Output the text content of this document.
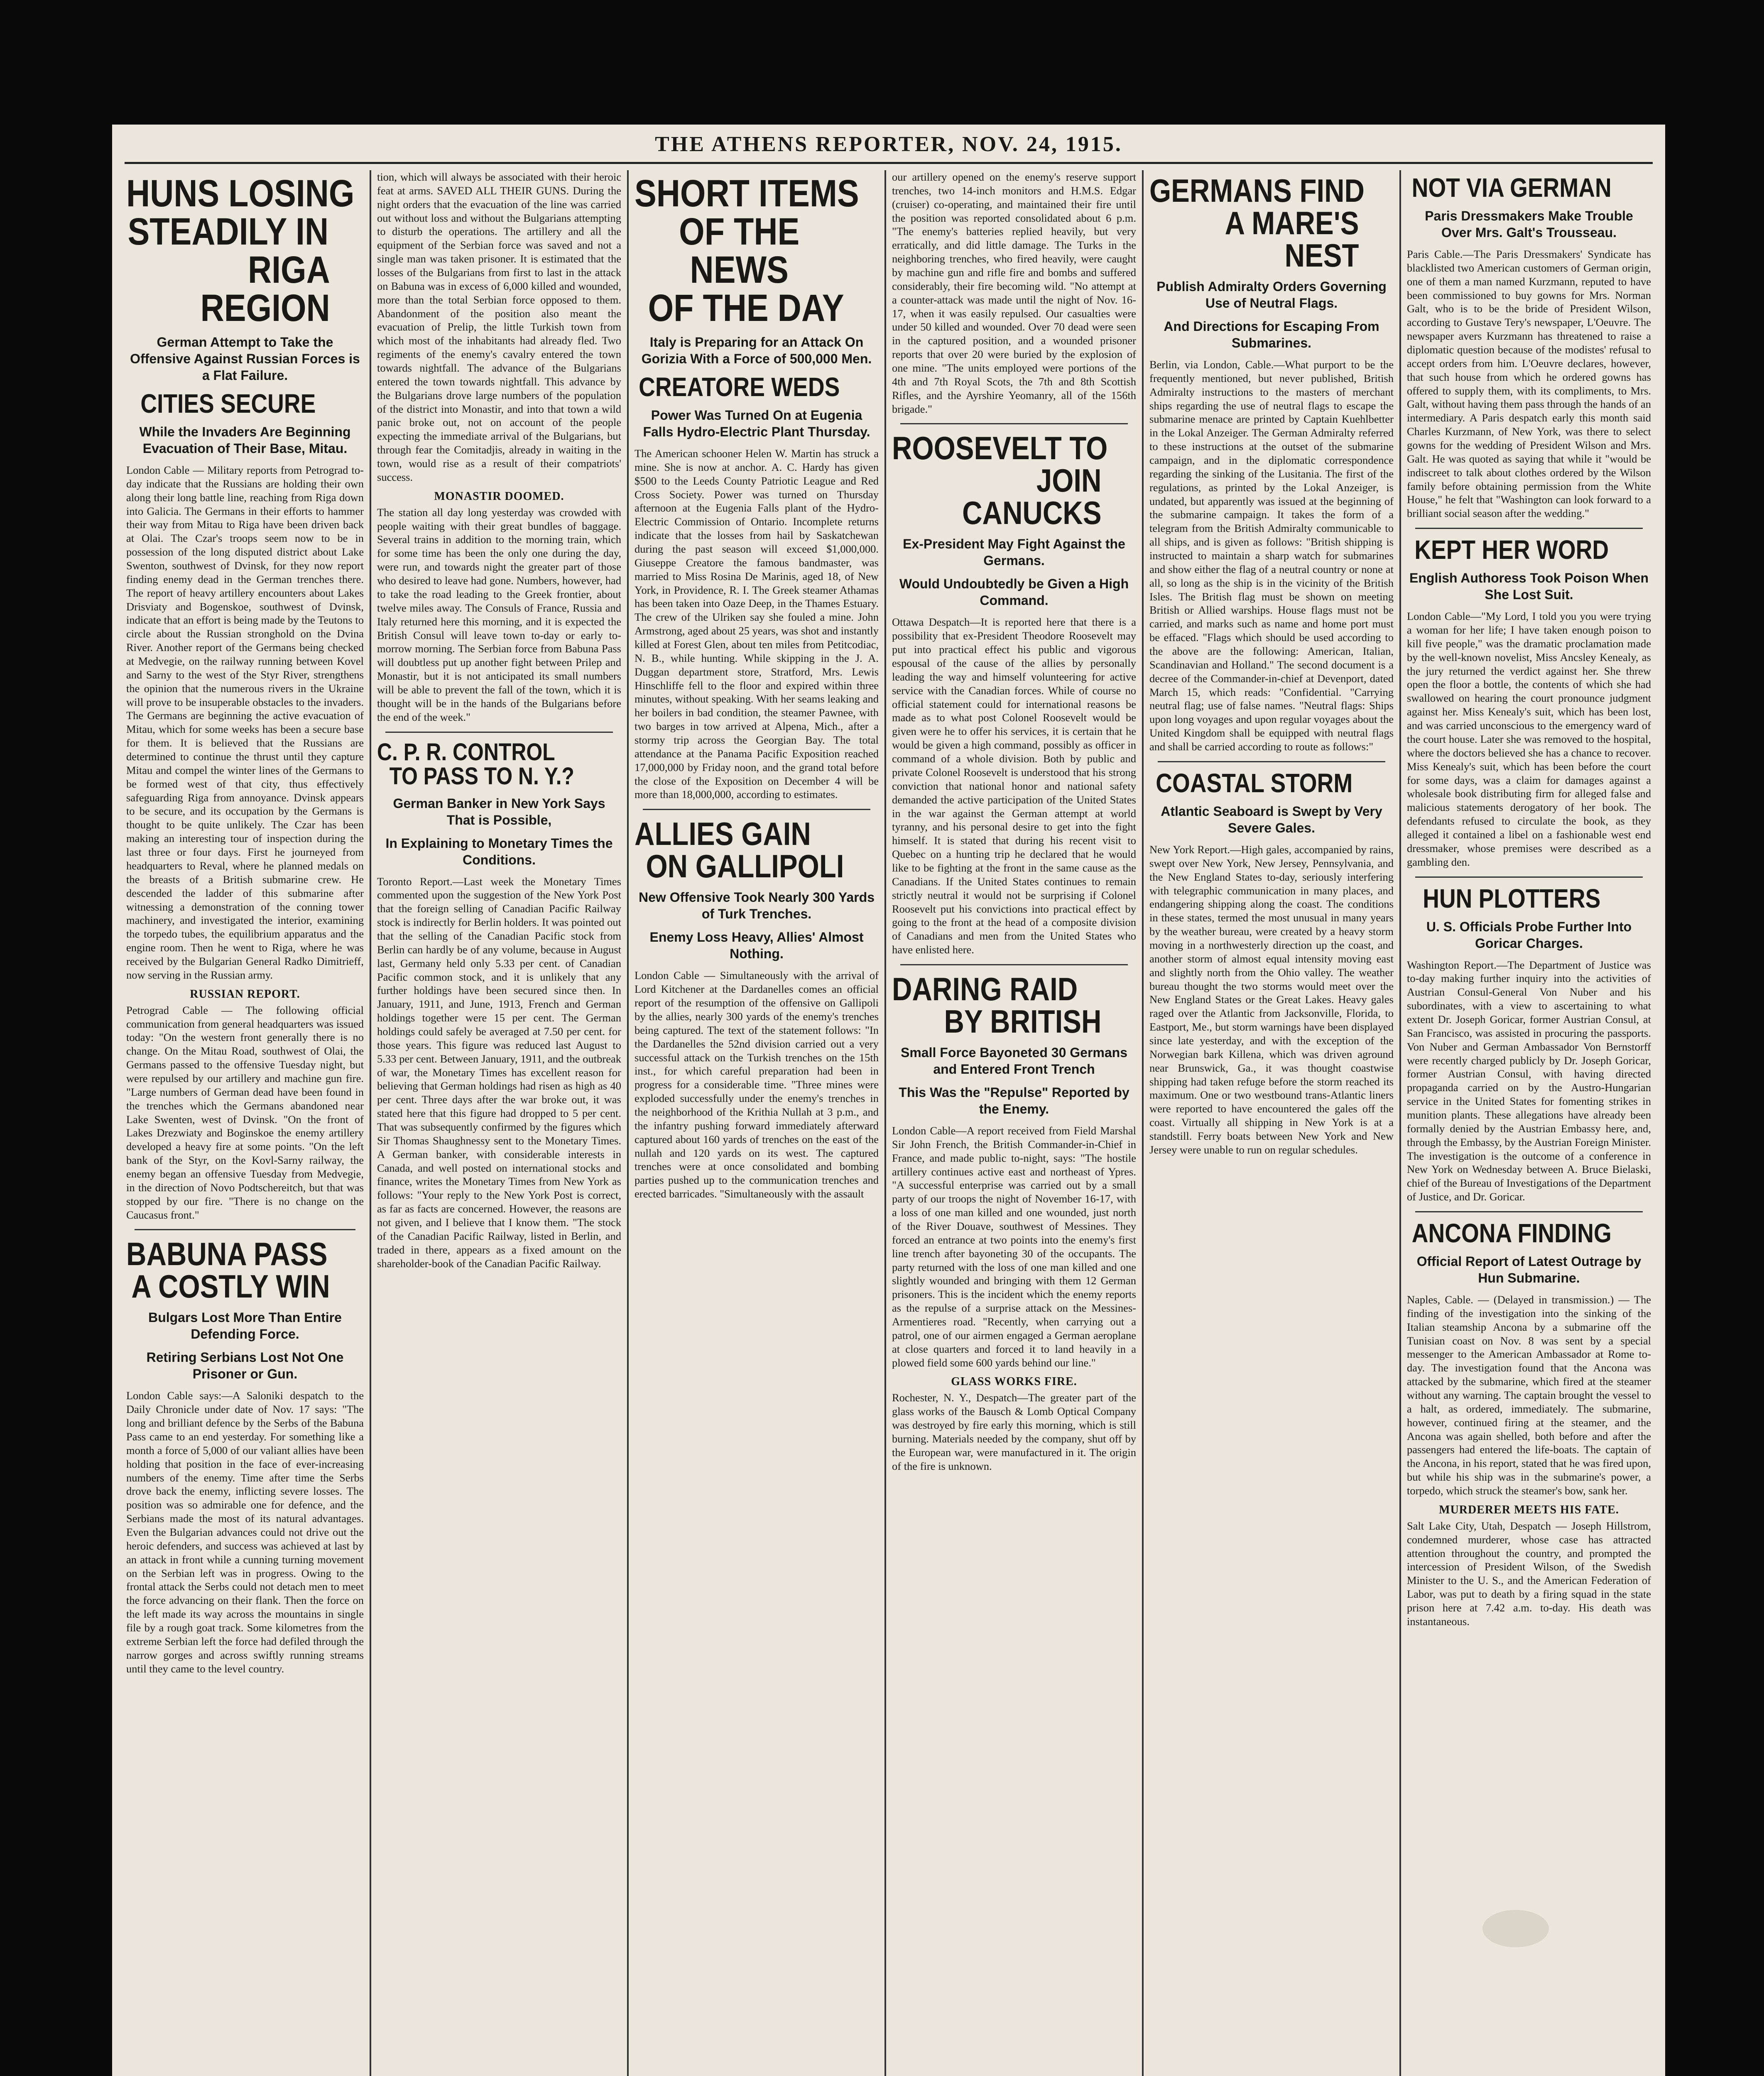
THE ATHENS REPORTER, NOV. 24, 1915.
HUNS LOSING
STEADILY IN
RIGA REGION
German Attempt to Take the Offensive Against Russian Forces is a Flat Failure.
CITIES SECURE
While the Invaders Are Beginning Evacuation of Their Base, Mitau.

London Cable — Military reports from Petrograd to-day indicate that the Russians are holding their own along their long battle line, reaching from Riga down into Galicia. The Germans in their efforts to hammer their way from Mitau to Riga have been driven back at Olai. The Czar's troops seem now to be in possession of the long disputed district about Lake Swenton, southwest of Dvinsk, for they now report finding enemy dead in the German trenches there. The report of heavy artillery encounters about Lakes Drisviaty and Bogenskoe, southwest of Dvinsk, indicate that an effort is being made by the Teutons to circle about the Russian stronghold on the Dvina River. Another report of the Germans being checked at Medvegie, on the railway running between Kovel and Sarny to the west of the Styr River, strengthens the opinion that the numerous rivers in the Ukraine will prove to be insuperable obstacles to the invaders. The Germans are beginning the active evacuation of Mitau, which for some weeks has been a secure base for them. It is believed that the Russians are determined to continue the thrust until they capture Mitau and compel the winter lines of the Germans to be formed west of that city, thus effectively safeguarding Riga from annoyance. Dvinsk appears to be secure, and its occupation by the Germans is thought to be quite unlikely. The Czar has been making an interesting tour of inspection during the last three or four days. First he journeyed from headquarters to Reval, where he planned medals on the breasts of a British submarine crew. He descended the ladder of this submarine after witnessing a demonstration of the conning tower machinery, and investigated the interior, examining the torpedo tubes, the equilibrium apparatus and the engine room. Then he went to Riga, where he was received by the Bulgarian General Radko Dimitrieff, now serving in the Russian army.

RUSSIAN REPORT.

Petrograd Cable — The following official communication from general headquarters was issued today: "On the western front generally there is no change. On the Mitau Road, southwest of Olai, the Germans passed to the offensive Tuesday night, but were repulsed by our artillery and machine gun fire. "Large numbers of German dead have been found in the trenches which the Germans abandoned near Lake Swenten, west of Dvinsk. "On the front of Lakes Drezwiaty and Boginskoe the enemy artillery developed a heavy fire at some points. "On the left bank of the Styr, on the Kovl-Sarny railway, the enemy began an offensive Tuesday from Medvegie, in the direction of Novo Podtschereitch, but that was stopped by our fire. "There is no change on the Caucasus front."

BABUNA PASS
A COSTLY WIN
Bulgars Lost More Than Entire Defending Force.
Retiring Serbians Lost Not One Prisoner or Gun.

London Cable says:—A Saloniki despatch to the Daily Chronicle under date of Nov. 17 says: "The long and brilliant defence by the Serbs of the Babuna Pass came to an end yesterday. For something like a month a force of 5,000 of our valiant allies have been holding that position in the face of ever-increasing numbers of the enemy. Time after time the Serbs drove back the enemy, inflicting severe losses. The position was so admirable one for defence, and the Serbians made the most of its natural advantages. Even the Bulgarian advances could not drive out the heroic defenders, and success was achieved at last by an attack in front while a cunning turning movement on the Serbian left was in progress. Owing to the frontal attack the Serbs could not detach men to meet the force advancing on their flank. Then the force on the left made its way across the mountains in single file by a rough goat track. Some kilometres from the extreme Serbian left the force had defiled through the narrow gorges and across swiftly running streams until they came to the level country.

tion, which will always be associated with their heroic feat at arms. SAVED ALL THEIR GUNS. During the night orders that the evacuation of the line was carried out without loss and without the Bulgarians attempting to disturb the operations. The artillery and all the equipment of the Serbian force was saved and not a single man was taken prisoner. It is estimated that the losses of the Bulgarians from first to last in the attack on Babuna was in excess of 6,000 killed and wounded, more than the total Serbian force opposed to them. Abandonment of the position also meant the evacuation of Prelip, the little Turkish town from which most of the inhabitants had already fled. Two regiments of the enemy's cavalry entered the town towards nightfall. The advance of the Bulgarians entered the town towards nightfall. This advance by the Bulgarians drove large numbers of the population of the district into Monastir, and into that town a wild panic broke out, not on account of the people expecting the immediate arrival of the Bulgarians, but through fear the Comitadjis, already in waiting in the town, would rise as a result of their compatriots' success.

MONASTIR DOOMED.

The station all day long yesterday was crowded with people waiting with their great bundles of baggage. Several trains in addition to the morning train, which for some time has been the only one during the day, were run, and towards night the greater part of those who desired to leave had gone. Numbers, however, had to take the road leading to the Greek frontier, about twelve miles away. The Consuls of France, Russia and Italy returned here this morning, and it is expected the British Consul will leave town to-day or early to-morrow morning. The Serbian force from Babuna Pass will doubtless put up another fight between Prilep and Monastir, but it is not anticipated its small numbers will be able to prevent the fall of the town, which it is thought will be in the hands of the Bulgarians before the end of the week."

C. P. R. CONTROL
TO PASS TO N. Y.?
German Banker in New York Says That is Possible,
In Explaining to Monetary Times the Conditions.

Toronto Report.—Last week the Monetary Times commented upon the suggestion of the New York Post that the foreign selling of Canadian Pacific Railway stock is indirectly for Berlin holders. It was pointed out that the selling of the Canadian Pacific stock from Berlin can hardly be of any volume, because in August last, Germany held only 5.33 per cent. of Canadian Pacific common stock, and it is unlikely that any further holdings have been secured since then. In January, 1911, and June, 1913, French and German holdings together were 15 per cent. The German holdings could safely be averaged at 7.50 per cent. for those years. This figure was reduced last August to 5.33 per cent. Between January, 1911, and the outbreak of war, the Monetary Times has excellent reason for believing that German holdings had risen as high as 40 per cent. Three days after the war broke out, it was stated here that this figure had dropped to 5 per cent. That was subsequently confirmed by the figures which Sir Thomas Shaughnessy sent to the Monetary Times. A German banker, with considerable interests in Canada, and well posted on international stocks and finance, writes the Monetary Times from New York as follows: "Your reply to the New York Post is correct, as far as facts are concerned. However, the reasons are not given, and I believe that I know them. "The stock of the Canadian Pacific Railway, listed in Berlin, and traded in there, appears as a fixed amount on the shareholder-book of the Canadian Pacific Railway.

SHORT ITEMS
OF THE NEWS
OF THE DAY
Italy is Preparing for an Attack On Gorizia With a Force of 500,000 Men.
CREATORE WEDS
Power Was Turned On at Eugenia Falls Hydro-Electric Plant Thursday.

The American schooner Helen W. Martin has struck a mine. She is now at anchor. A. C. Hardy has given $500 to the Leeds County Patriotic League and Red Cross Society. Power was turned on Thursday afternoon at the Eugenia Falls plant of the Hydro-Electric Commission of Ontario. Incomplete returns indicate that the losses from hail by Saskatchewan during the past season will exceed $1,000,000. Giuseppe Creatore the famous bandmaster, was married to Miss Rosina De Marinis, aged 18, of New York, in Providence, R. I. The Greek steamer Athamas has been taken into Oaze Deep, in the Thames Estuary. The crew of the Ulriken say she fouled a mine. John Armstrong, aged about 25 years, was shot and instantly killed at Forest Glen, about ten miles from Petitcodiac, N. B., while hunting. While skipping in the J. A. Duggan department store, Stratford, Mrs. Lewis Hinschliffe fell to the floor and expired within three minutes, without speaking. With her seams leaking and her boilers in bad condition, the steamer Pawnee, with two barges in tow arrived at Alpena, Mich., after a stormy trip across the Georgian Bay. The total attendance at the Panama Pacific Exposition reached 17,000,000 by Friday noon, and the grand total before the close of the Exposition on December 4 will be more than 18,000,000, according to estimates.

ALLIES GAIN
ON GALLIPOLI
New Offensive Took Nearly 300 Yards of Turk Trenches.
Enemy Loss Heavy, Allies' Almost Nothing.

London Cable — Simultaneously with the arrival of Lord Kitchener at the Dardanelles comes an official report of the resumption of the offensive on Gallipoli by the allies, nearly 300 yards of the enemy's trenches being captured. The text of the statement follows: "In the Dardanelles the 52nd division carried out a very successful attack on the Turkish trenches on the 15th inst., for which careful preparation had been in progress for a considerable time. "Three mines were exploded successfully under the enemy's trenches in the neighborhood of the Krithia Nullah at 3 p.m., and the infantry pushing forward immediately afterward captured about 160 yards of trenches on the east of the nullah and 120 yards on its west. The captured trenches were at once consolidated and bombing parties pushed up to the communication trenches and erected barricades. "Simultaneously with the assault

our artillery opened on the enemy's reserve support trenches, two 14-inch monitors and H.M.S. Edgar (cruiser) co-operating, and maintained their fire until the position was reported consolidated about 6 p.m. "The enemy's batteries replied heavily, but very erratically, and did little damage. The Turks in the neighboring trenches, who fired heavily, were caught by machine gun and rifle fire and bombs and suffered considerably, their fire becoming wild. "No attempt at a counter-attack was made until the night of Nov. 16-17, when it was easily repulsed. Our casualties were under 50 killed and wounded. Over 70 dead were seen in the captured position, and a wounded prisoner reports that over 20 were buried by the explosion of one mine. "The units employed were portions of the 4th and 7th Royal Scots, the 7th and 8th Scottish Rifles, and the Ayrshire Yeomanry, all of the 156th brigade."

ROOSEVELT TO
JOIN CANUCKS
Ex-President May Fight Against the Germans.
Would Undoubtedly be Given a High Command.

Ottawa Despatch—It is reported here that there is a possibility that ex-President Theodore Roosevelt may put into practical effect his public and vigorous espousal of the cause of the allies by personally leading the way and himself volunteering for active service with the Canadian forces. While of course no official statement could for international reasons be made as to what post Colonel Roosevelt would be given were he to offer his services, it is certain that he would be given a high command, possibly as officer in command of a whole division. Both by public and private Colonel Roosevelt is understood that his strong conviction that national honor and national safety demanded the active participation of the United States in the war against the German attempt at world tyranny, and his personal desire to get into the fight himself. It is stated that during his recent visit to Quebec on a hunting trip he declared that he would like to be fighting at the front in the same cause as the Canadians. If the United States continues to remain strictly neutral it would not be surprising if Colonel Roosevelt put his convictions into practical effect by going to the front at the head of a composite division of Canadians and men from the United States who have enlisted here.

DARING RAID
BY BRITISH
Small Force Bayoneted 30 Germans and Entered Front Trench
This Was the "Repulse" Reported by the Enemy.

London Cable—A report received from Field Marshal Sir John French, the British Commander-in-Chief in France, and made public to-night, says: "The hostile artillery continues active east and northeast of Ypres. "A successful enterprise was carried out by a small party of our troops the night of November 16-17, with a loss of one man killed and one wounded, just north of the River Douave, southwest of Messines. They forced an entrance at two points into the enemy's first line trench after bayoneting 30 of the occupants. The party returned with the loss of one man killed and one slightly wounded and bringing with them 12 German prisoners. This is the incident which the enemy reports as the repulse of a surprise attack on the Messines-Armentieres road. "Recently, when carrying out a patrol, one of our airmen engaged a German aeroplane at close quarters and forced it to land heavily in a plowed field some 600 yards behind our line."

GLASS WORKS FIRE.

Rochester, N. Y., Despatch—The greater part of the glass works of the Bausch & Lomb Optical Company was destroyed by fire early this morning, which is still burning. Materials needed by the company, shut off by the European war, were manufactured in it. The origin of the fire is unknown.

GERMANS FIND
A MARE'S NEST
Publish Admiralty Orders Governing Use of Neutral Flags.
And Directions for Escaping From Submarines.

Berlin, via London, Cable.—What purport to be the frequently mentioned, but never published, British Admiralty instructions to the masters of merchant ships regarding the use of neutral flags to escape the submarine menace are printed by Captain Kuehlbetter in the Lokal Anzeiger. The German Admiralty referred to these instructions at the outset of the submarine campaign, and in the diplomatic correspondence regarding the sinking of the Lusitania. The first of the regulations, as printed by the Lokal Anzeiger, is undated, but apparently was issued at the beginning of the submarine campaign. It takes the form of a telegram from the British Admiralty communicable to all ships, and is given as follows: "British shipping is instructed to maintain a sharp watch for submarines and show either the flag of a neutral country or none at all, so long as the ship is in the vicinity of the British Isles. The British flag must be shown on meeting British or Allied warships. House flags must not be carried, and marks such as name and home port must be effaced. "Flags which should be used according to the above are the following: American, Italian, Scandinavian and Holland." The second document is a decree of the Commander-in-chief at Devenport, dated March 15, which reads: "Confidential. "Carrying neutral flag; use of false names. "Neutral flags: Ships upon long voyages and upon regular voyages about the United Kingdom shall be equipped with neutral flags and shall be carried according to route as follows:"

COASTAL STORM
Atlantic Seaboard is Swept by Very Severe Gales.

New York Report.—High gales, accompanied by rains, swept over New York, New Jersey, Pennsylvania, and the New England States to-day, seriously interfering with telegraphic communication in many places, and endangering shipping along the coast. The conditions in these states, termed the most unusual in many years by the weather bureau, were created by a heavy storm moving in a northwesterly direction up the coast, and another storm of almost equal intensity moving east and slightly north from the Ohio valley. The weather bureau thought the two storms would meet over the New England States or the Great Lakes. Heavy gales raged over the Atlantic from Jacksonville, Florida, to Eastport, Me., but storm warnings have been displayed since late yesterday, and with the exception of the Norwegian bark Killena, which was driven aground near Brunswick, Ga., it was thought coastwise shipping had taken refuge before the storm reached its maximum. One or two westbound trans-Atlantic liners were reported to have encountered the gales off the coast. Virtually all shipping in New York is at a standstill. Ferry boats between New York and New Jersey were unable to run on regular schedules.

NOT VIA GERMAN
Paris Dressmakers Make Trouble Over Mrs. Galt's Trousseau.

Paris Cable.—The Paris Dressmakers' Syndicate has blacklisted two American customers of German origin, one of them a man named Kurzmann, reputed to have been commissioned to buy gowns for Mrs. Norman Galt, who is to be the bride of President Wilson, according to Gustave Tery's newspaper, L'Oeuvre. The newspaper avers Kurzmann has threatened to raise a diplomatic question because of the modistes' refusal to accept orders from him. L'Oeuvre declares, however, that such house from which he ordered gowns has offered to supply them, with its compliments, to Mrs. Galt, without having them pass through the hands of an intermediary. A Paris despatch early this month said Charles Kurzmann, of New York, was there to select gowns for the wedding of President Wilson and Mrs. Galt. He was quoted as saying that while it "would be indiscreet to talk about clothes ordered by the Wilson family before obtaining permission from the White House," he felt that "Washington can look forward to a brilliant social season after the wedding."

KEPT HER WORD
English Authoress Took Poison When She Lost Suit.

London Cable—"My Lord, I told you you were trying a woman for her life; I have taken enough poison to kill five people," was the dramatic proclamation made by the well-known novelist, Miss Ancsley Kenealy, as the jury returned the verdict against her. She threw open the floor a bottle, the contents of which she had swallowed on hearing the court pronounce judgment against her. Miss Kenealy's suit, which has been lost, and was carried unconscious to the emergency ward of the court house. Later she was removed to the hospital, where the doctors believed she has a chance to recover. Miss Kenealy's suit, which has been before the court for some days, was a claim for damages against a wholesale book distributing firm for alleged false and malicious statements derogatory of her book. The defendants refused to circulate the book, as they alleged it contained a libel on a fashionable west end dressmaker, whose premises were described as a gambling den.

HUN PLOTTERS
U. S. Officials Probe Further Into Goricar Charges.

Washington Report.—The Department of Justice was to-day making further inquiry into the activities of Austrian Consul-General Von Nuber and his subordinates, with a view to ascertaining to what extent Dr. Joseph Goricar, former Austrian Consul, at San Francisco, was assisted in procuring the passports. Von Nuber and German Ambassador Von Bernstorff were recently charged publicly by Dr. Joseph Goricar, former Austrian Consul, with having directed propaganda carried on by the Austro-Hungarian service in the United States for fomenting strikes in munition plants. These allegations have already been formally denied by the Austrian Embassy here, and, through the Embassy, by the Austrian Foreign Minister. The investigation is the outcome of a conference in New York on Wednesday between A. Bruce Bielaski, chief of the Bureau of Investigations of the Department of Justice, and Dr. Goricar.

ANCONA FINDING
Official Report of Latest Outrage by Hun Submarine.

Naples, Cable. — (Delayed in transmission.) — The finding of the investigation into the sinking of the Italian steamship Ancona by a submarine off the Tunisian coast on Nov. 8 was sent by a special messenger to the American Ambassador at Rome to-day. The investigation found that the Ancona was attacked by the submarine, which fired at the steamer without any warning. The captain brought the vessel to a halt, as ordered, immediately. The submarine, however, continued firing at the steamer, and the Ancona was again shelled, both before and after the passengers had entered the life-boats. The captain of the Ancona, in his report, stated that he was fired upon, but while his ship was in the submarine's power, a torpedo, which struck the steamer's bow, sank her.

MURDERER MEETS HIS FATE.

Salt Lake City, Utah, Despatch — Joseph Hillstrom, condemned murderer, whose case has attracted attention throughout the country, and prompted the intercession of President Wilson, of the Swedish Minister to the U. S., and the American Federation of Labor, was put to death by a firing squad in the state prison here at 7.42 a.m. to-day. His death was instantaneous.
